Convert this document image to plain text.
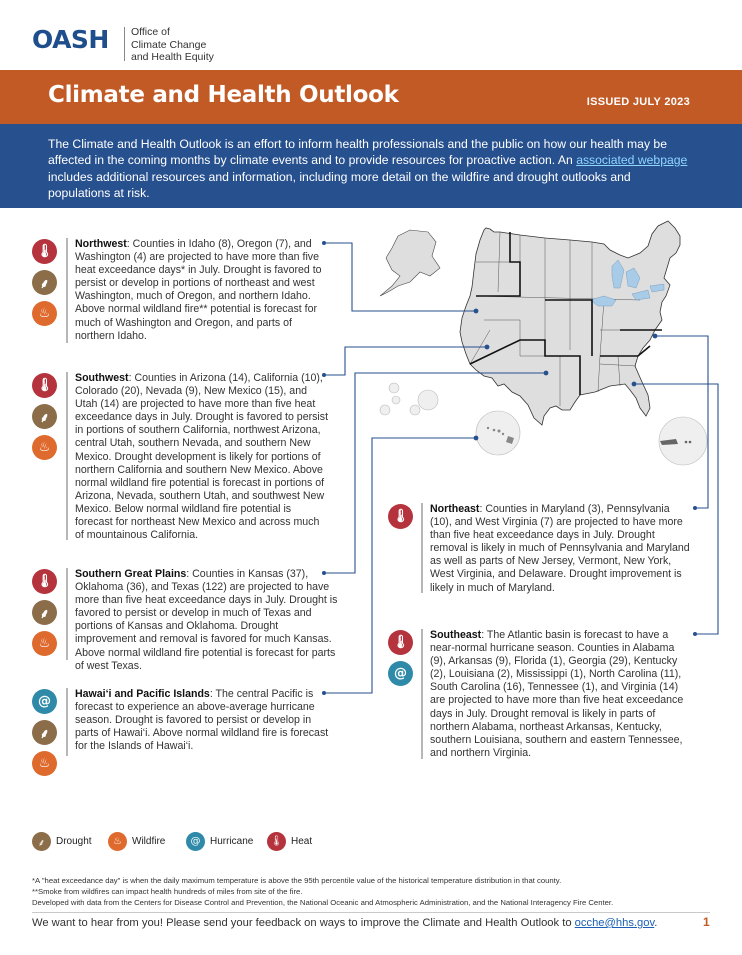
OASH Office of
Climate Change
and Health Equity
Climate and Health Outlook	ISSUED JULY 2023
The Climate and Health Outlook is an effort to inform health professionals and the public on how our health may be affected in the coming months by climate events and to provide resources for proactive action. An associated webpage includes additional resources and information, including more detail on the wildfire and drought outlooks and populations at risk.
🌡
⸙
♨
Northwest: Counties in Idaho (8), Oregon (7), and Washington (4) are projected to have more than five heat exceedance days* in July. Drought is favored to persist or develop in portions of northeast and west Washington, much of Oregon, and northern Idaho. Above normal wildland fire** potential is forecast for much of Washington and Oregon, and parts of northern Idaho.
🌡
⸙
♨
Southwest: Counties in Arizona (14), California (10), Colorado (20), Nevada (9), New Mexico (15), and Utah (14) are projected to have more than five heat exceedance days in July. Drought is favored to persist in portions of southern California, northwest Arizona, central Utah, southern Nevada, and southern New Mexico. Drought development is likely for portions of northern California and southern New Mexico. Above normal wildland fire potential is forecast in portions of Arizona, Nevada, southern Utah, and southwest New Mexico. Below normal wildland fire potential is forecast for northeast New Mexico and across much of mountainous California.
🌡
⸙
♨
Southern Great Plains: Counties in Kansas (37), Oklahoma (36), and Texas (122) are projected to have more than five heat exceedance days in July. Drought is favored to persist or develop in much of Texas and portions of Kansas and Oklahoma. Drought improvement and removal is favored for much Kansas. Above normal wildland fire potential is forecast for parts of west Texas.
@
⸙
♨
Hawai‘i and Pacific Islands: The central Pacific is forecast to experience an above-average hurricane season. Drought is favored to persist or develop in parts of Hawai‘i. Above normal wildland fire is forecast for the Islands of Hawai‘i.
🌡	Northeast: Counties in Maryland (3), Pennsylvania (10), and West Virginia (7) are projected to have more than five heat exceedance days in July. Drought removal is likely in much of Pennsylvania and Maryland as well as parts of New Jersey, Vermont, New York, West Virginia, and Delaware. Drought improvement is likely in much of Maryland.
🌡
@
Southeast: The Atlantic basin is forecast to have a near-normal hurricane season. Counties in Alabama (9), Arkansas (9), Florida (1), Georgia (29), Kentucky (2), Louisiana (2), Mississippi (1), North Carolina (11), South Carolina (16), Tennessee (1), and Virginia (14) are projected to have more than five heat exceedance days in July. Drought removal is likely in parts of northern Alabama, northeast Arkansas, Kentucky, southern Louisiana, southern and eastern Tennessee, and northern Virginia.
⸙	Drought	♨	Wildfire	@ Hurricane	🌡 Heat
*A "heat exceedance day" is when the daily maximum temperature is above the 95th percentile value of the historical temperature distribution in that county.
**Smoke from wildfires can impact health hundreds of miles from site of the fire.
Developed with data from the Centers for Disease Control and Prevention, the National Oceanic and Atmospheric Administration, and the National Interagency Fire Center.
We want to hear from you! Please send your feedback on ways to improve the Climate and Health Outlook to ocche@hhs.gov.	1
